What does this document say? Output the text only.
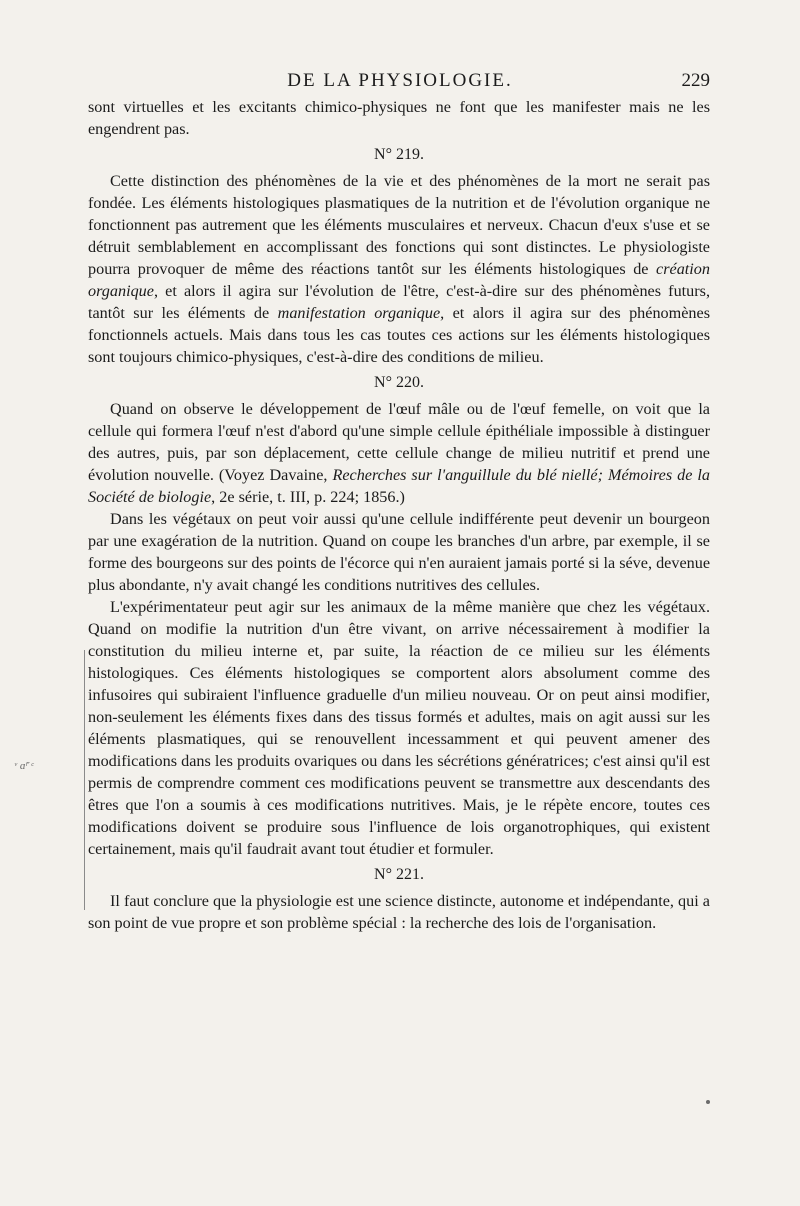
DE LA PHYSIOLOGIE.	229

sont virtuelles et les excitants chimico-physiques ne font que les manifester mais ne les engendrent pas.

N° 219.

Cette distinction des phénomènes de la vie et des phénomènes de la mort ne serait pas fondée. Les éléments histologiques plasmatiques de la nutrition et de l'évolution organique ne fonctionnent pas autrement que les éléments musculaires et nerveux. Chacun d'eux s'use et se détruit semblablement en accomplissant des fonctions qui sont distinctes. Le physiologiste pourra provoquer de même des réactions tantôt sur les éléments histologiques de création organique, et alors il agira sur l'évolution de l'être, c'est-à-dire sur des phénomènes futurs, tantôt sur les éléments de manifestation organique, et alors il agira sur des phénomènes fonctionnels actuels. Mais dans tous les cas toutes ces actions sur les éléments histologiques sont toujours chimico-physiques, c'est-à-dire des conditions de milieu.

N° 220.

Quand on observe le développement de l'œuf mâle ou de l'œuf femelle, on voit que la cellule qui formera l'œuf n'est d'abord qu'une simple cellule épithéliale impossible à distinguer des autres, puis, par son déplacement, cette cellule change de milieu nutritif et prend une évolution nouvelle. (Voyez Davaine, Recherches sur l'anguillule du blé niellé; Mémoires de la Société de biologie, 2e série, t. III, p. 224; 1856.)

Dans les végétaux on peut voir aussi qu'une cellule indifférente peut devenir un bourgeon par une exagération de la nutrition. Quand on coupe les branches d'un arbre, par exemple, il se forme des bourgeons sur des points de l'écorce qui n'en auraient jamais porté si la séve, devenue plus abondante, n'y avait changé les conditions nutritives des cellules.

L'expérimentateur peut agir sur les animaux de la même manière que chez les végétaux. Quand on modifie la nutrition d'un être vivant, on arrive nécessairement à modifier la constitution du milieu interne et, par suite, la réaction de ce milieu sur les éléments histologiques. Ces éléments histologiques se comportent alors absolument comme des infusoires qui subiraient l'influence graduelle d'un milieu nouveau. Or on peut ainsi modifier, non-seulement les éléments fixes dans des tissus formés et adultes, mais on agit aussi sur les éléments plasmatiques, qui se renouvellent incessamment et qui peuvent amener des modifications dans les produits ovariques ou dans les sécrétions génératrices; c'est ainsi qu'il est permis de comprendre comment ces modifications peuvent se transmettre aux descendants des êtres que l'on a soumis à ces modifications nutritives. Mais, je le répète encore, toutes ces modifications doivent se produire sous l'influence de lois organotrophiques, qui existent certainement, mais qu'il faudrait avant tout étudier et formuler.

N° 221.

Il faut conclure que la physiologie est une science distincte, autonome et indépendante, qui a son point de vue propre et son problème spécial : la recherche des lois de l'organisation.

ᵛ ɑ̃ʳ ᶜ
